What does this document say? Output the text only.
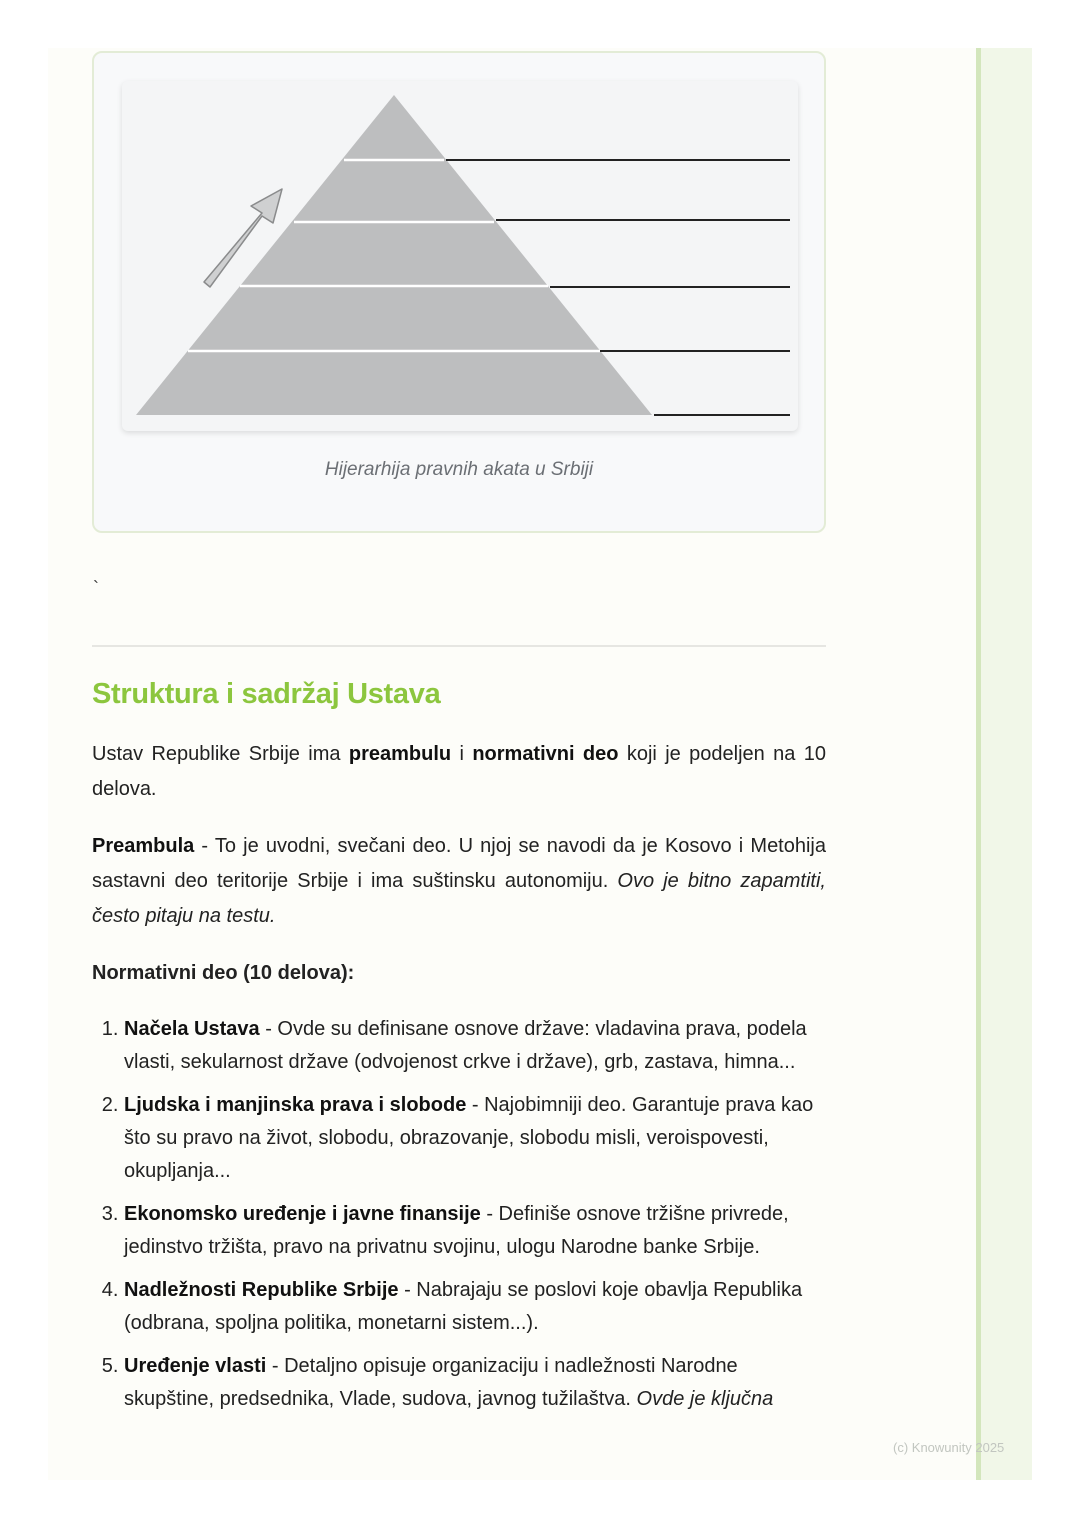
Hijerarhija pravnih akata u Srbiji
`
Struktura i sadržaj Ustava

Ustav Republike Srbije ima preambulu i normativni deo koji je podeljen na 10 delova.

Preambula - To je uvodni, svečani deo. U njoj se navodi da je Kosovo i Metohija sastavni deo teritorije Srbije i ima suštinsku autonomiju. Ovo je bitno zapamtiti, često pitaju na testu.

Normativni deo (10 delova):
1. Načela Ustava - Ovde su definisane osnove države: vladavina prava, podela vlasti, sekularnost države (odvojenost crkve i države), grb, zastava, himna...
2. Ljudska i manjinska prava i slobode - Najobimniji deo. Garantuje prava kao što su pravo na život, slobodu, obrazovanje, slobodu misli, veroispovesti, okupljanja...
3. Ekonomsko uređenje i javne finansije - Definiše osnove tržišne privrede, jedinstvo tržišta, pravo na privatnu svojinu, ulogu Narodne banke Srbije.
4. Nadležnosti Republike Srbije - Nabrajaju se poslovi koje obavlja Republika (odbrana, spoljna politika, monetarni sistem...).
5. Uređenje vlasti - Detaljno opisuje organizaciju i nadležnosti Narodne skupštine, predsednika, Vlade, sudova, javnog tužilaštva. Ovde je ključna
(c) Knowunity 2025
